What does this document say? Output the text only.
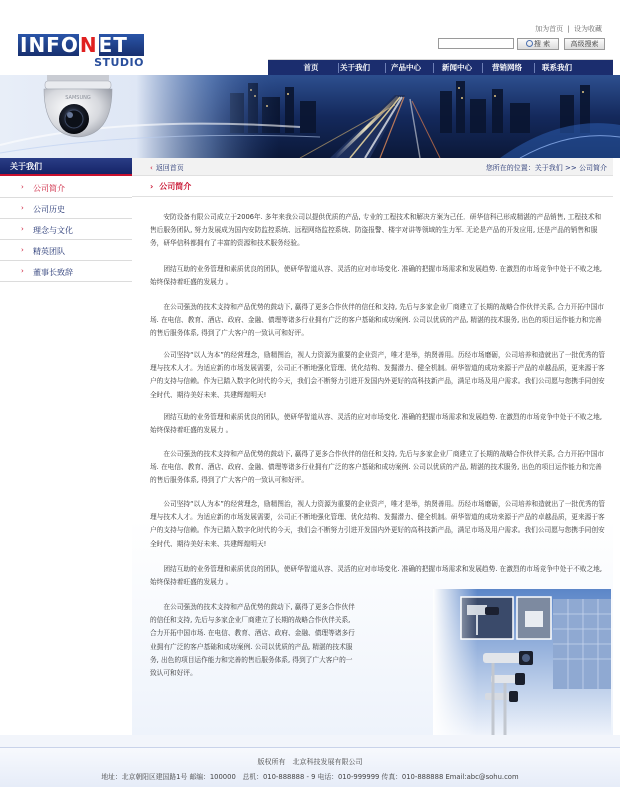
INFONET
STUDIO
加为首页 | 设为收藏
搜 索	高级搜索
首页	关于我们	产品中心	新闻中心	营销网络	联系我们
SAMSUNG
关于我们
› 公司简介
› 公司历史
› 理念与文化
› 精英团队
› 董事长致辞
‹ 返回首页	您所在的位置：关于我们 >> 公司简介
› 公司简介

　　安防设备有限公司成立于2006年. 多年来我公司以提供优质的产品, 专业的工程技术和解决方案为己任．研华信科已形成精湛的产品销售, 工程技术和售后服务团队, 努力发展成为国内安防监控系统、远程网络监控系统、防盗报警、楼宇对讲等领域的生力军. 无论是产品的开发应用, 还是产品的销售和服务，研华信科都拥有了丰富的资源和技术服务经验。

　　团结互助的业务管理和素质优良的团队，使研华智道从容、灵活的应对市场变化. 准确的把握市场需求和发展趋势. 在激烈的市场竞争中处于不败之地, 始终保持着旺盛的发展力 。

　　在公司强劲的技术支持和产品优势的鼓动下, 赢得了更多合作伙伴的信任和支持, 先后与多家企业厂商建立了长期的战略合作伙伴关系, 合力开拓中国市场. 在电信、教育、酒店、政府、金融、债理等诸多行业拥有广泛的客户基础和成功案例. 公司以优质的产品, 精湛的技术服务, 出色的项目运作能力和完善的售后服务体系, 得到了广大客户的一致认可和好评。

　　公司坚持“以人为本”的经营理念，励精图治，视人力资源为重要的企业资产，唯才是举，纳贤善用。历经市场磨砺，公司培养和造就出了一批优秀的管理与技术人才。为适应新的市场发展需要，公司正不断地强化管理、优化结构、发掘潜力、健全机制。研华智道的成功来源于产品的卓越品质，更来源于客户的支持与信赖。作为已踏入数字化时代的今天，我们会不断努力引进开发国内外更好的高科技新产品，满足市场及用户需求。我们公司愿与您携手同创安全时代、期待美好未来、共建辉煌明天!

　　团结互助的业务管理和素质优良的团队，使研华智道从容、灵活的应对市场变化. 准确的把握市场需求和发展趋势. 在激烈的市场竞争中处于不败之地, 始终保持着旺盛的发展力 。

　　在公司强劲的技术支持和产品优势的鼓动下, 赢得了更多合作伙伴的信任和支持, 先后与多家企业厂商建立了长期的战略合作伙伴关系, 合力开拓中国市场. 在电信、教育、酒店、政府、金融、债理等诸多行业拥有广泛的客户基础和成功案例. 公司以优质的产品, 精湛的技术服务, 出色的项目运作能力和完善的售后服务体系, 得到了广大客户的一致认可和好评。

　　公司坚持“以人为本”的经营理念，励精图治，视人力资源为重要的企业资产，唯才是举，纳贤善用。历经市场磨砺，公司培养和造就出了一批优秀的管理与技术人才。为适应新的市场发展需要，公司正不断地强化管理、优化结构、发掘潜力、健全机制。研华智道的成功来源于产品的卓越品质，更来源于客户的支持与信赖。作为已踏入数字化时代的今天，我们会不断努力引进开发国内外更好的高科技新产品，满足市场及用户需求。我们公司愿与您携手同创安全时代、期待美好未来、共建辉煌明天!

　　团结互助的业务管理和素质优良的团队，使研华智道从容、灵活的应对市场变化. 准确的把握市场需求和发展趋势. 在激烈的市场竞争中处于不败之地, 始终保持着旺盛的发展力 。

　　在公司强劲的技术支持和产品优势的鼓动下, 赢得了更多合作伙伴的信任和支持, 先后与多家企业厂商建立了长期的战略合作伙伴关系, 合力开拓中国市场. 在电信、教育、酒店、政府、金融、债理等诸多行业拥有广泛的客户基础和成功案例. 公司以优质的产品, 精湛的技术服务, 出色的项目运作能力和完善的售后服务体系, 得到了广大客户的一致认可和好评。

版权所有　北京科技发展有限公司
地址：北京朝阳区建国路1号 邮编：100000　总机：010-888888 - 9 电话：010-999999 传真：010-888888 Email:abc@sohu.com
